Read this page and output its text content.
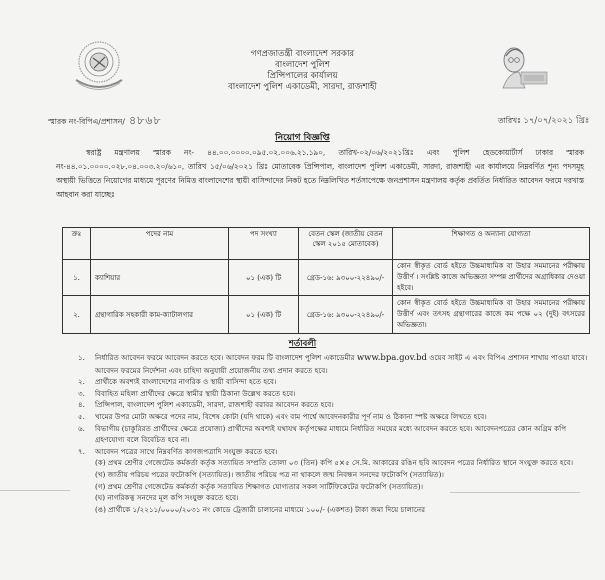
গণপ্রজাতন্ত্রী বাংলাদেশ সরকার
বাংলাদেশ পুলিশ
প্রিন্সিপালের কার্যালয়
বাংলাদেশ পুলিশ একাডেমী, সারদা, রাজশাহী
স্মারক নং-বিপিএ/প্রশাসন/ ৪৮৬৮	তারিখঃ ১৭/০৭/২০২১ খ্রিঃ
নিয়োগ বিজ্ঞপ্তি
স্বরাষ্ট্র মন্ত্রণালয় স্মারক নং- ৪৪.০০.০০০০.০৯৫.০২.০০৬.২১.১৯০, তারিখ-০২/০৬/২০২১খ্রিঃ এবং পুলিশ হেডকোয়ার্টার্স ঢাকার স্মারক নং-৪৪.০১.০০০০.০২৮.০৪.০০৩.২০/৬১০, তারিখ ১৫/০৬/২০২১ খ্রিঃ মোতাবেক প্রিন্সিপাল, বাংলাদেশ পুলিশ একাডেমী, সারদা, রাজশাহী এর কার্যালয়ে নিম্নবর্ণিত শূন্য পদসমূহ অস্থায়ী ভিত্তিতে নিয়োগের মাধ্যমে পূরণের নিমিত্ত বাংলাদেশের স্থায়ী বাসিন্দাদের নিকট হতে নিম্নলিখিত শর্তসাপেক্ষে জনপ্রশাসন মন্ত্রণালয় কর্তৃক প্রবর্তিত নির্ধারিত আবেদন ফরমে দরখাস্ত আহবান করা যাচ্ছেঃ
ক্রঃ	পদের নাম	পদ সংখ্যা	বেতন স্কেল (জাতীয় বেতন স্কেল ২০১৫ মোতাবেক)	শিক্ষাগত ও অন্যান্য যোগ্যতা
১.	ক্যাশিয়ার	০১ (এক) টি	গ্রেড-১৬: ৯৩০০-২২৪৯০/-	কোন স্বীকৃত বোর্ড হইতে উচ্চমাধ্যমিক বা উহার সমমানের পরীক্ষায় উত্তীর্ণ । সংশ্লিষ্ট কাজে অভিজ্ঞতা সম্পন্ন প্রার্থীদের অগ্রাধিকার দেওয়া হইবে।
২.	গ্রন্থাগারিক সহকারী কাম-ক্যাটালগার	০১ (এক) টি	গ্রেড-১৬: ৯৩০০-২২৪৯০/-	কোন স্বীকৃত বোর্ড হইতে উচ্চমাধ্যমিক বা উহার সমমানের পরীক্ষায় উত্তীর্ণ এবং তৎসহ গ্রন্থাগারের কাজে কম পক্ষে ০২ (দুই) বৎসরের অভিজ্ঞতা।
শর্তাবলী
১. নির্ধারিত আবেদন ফরমে আবেদন করতে হবে। আবেদন ফরম টি বাংলাদেশ পুলিশ একাডেমীর www.bpa.gov.bd ওয়েব সাইট এ এবং বিপিএ প্রশাসন শাখায় পাওয়া যাবে। আবেদন ফরমের নির্দেশনা এবং চাহিদা অনুযায়ী প্রয়োজনীয় তথ্য প্রদান করতে হবে।
২. প্রার্থীকে অবশ্যই বাংলাদেশের নাগরিক ও স্থায়ী বাসিন্দা হতে হবে।
৩. বিবাহিত মহিলা প্রার্থীদের ক্ষেত্রে স্বামীর স্থায়ী ঠিকানা উল্লেখ করতে হবে।
৪. প্রিন্সিপাল, বাংলাদেশ পুলিশ একাডেমী, সারদা, রাজশাহী বরাবর আবেদন করতে হবে।
৫. খামের উপর মোটা অক্ষরে পদের নাম, বিশেষ কোটা (যদি থাকে) এবং বাম পার্শ্বে আবেদনকারীর পূর্ণ নাম ও ঠিকানা স্পষ্ট অক্ষরে লিখতে হবে।
৬. বিভাগীয় (চাকুরিরত প্রার্থীদের ক্ষেত্রে প্রযোজ্য) প্রার্থীদের অবশ্যই যথাযথ কর্তৃপক্ষের মাধ্যমে নির্ধারিত সময়ের মধ্যে আবেদন করতে হবে। আবেদনপত্রের কোন অগ্রিম কপি গ্রহণযোগ্য বলে বিবেচিত হবে না।
৭. আবেদন পত্রের সাথে নিম্নবর্ণিত কাগজপত্রাদি সংযুক্ত করতে হবে।
(ক) প্রথম শ্রেণীর গেজেটেড কর্মকর্তা কর্তৃক সত্যায়িত সম্প্রতি তোলা ০৩ (তিন) কপি ৫×৫ সে.মি. আকারের রঙিন ছবি আবেদন পত্রের নির্ধারিত স্থানে সংযুক্ত করতে হবে।
(খ) জাতীয় পরিচয় পত্রের ফটোকপি (সত্যায়িত)। জাতীয় পরিচয় পত্র না থাকলে জন্ম নিবন্ধন সনদের ফটোকপি (সত্যায়িত)।
(গ) প্রথম শ্রেণীর গেজেটেড কর্মকর্তা কর্তৃক সত্যায়িত শিক্ষাগত যোগ্যতার সকল সার্টিফিকেটের ফটোকপি (সত্যায়িত)।
(ঘ) নাগরিকত্ব সনদের মূল কপি সংযুক্ত করতে হবে।
(ঙ) প্রার্থীকে ১/২২১১/০০০০/২০৩১ নং কোডে ট্রেজারী চালানের মাধ্যমে ১০০/- (একশত) টাকা জমা দিয়ে চালানের
